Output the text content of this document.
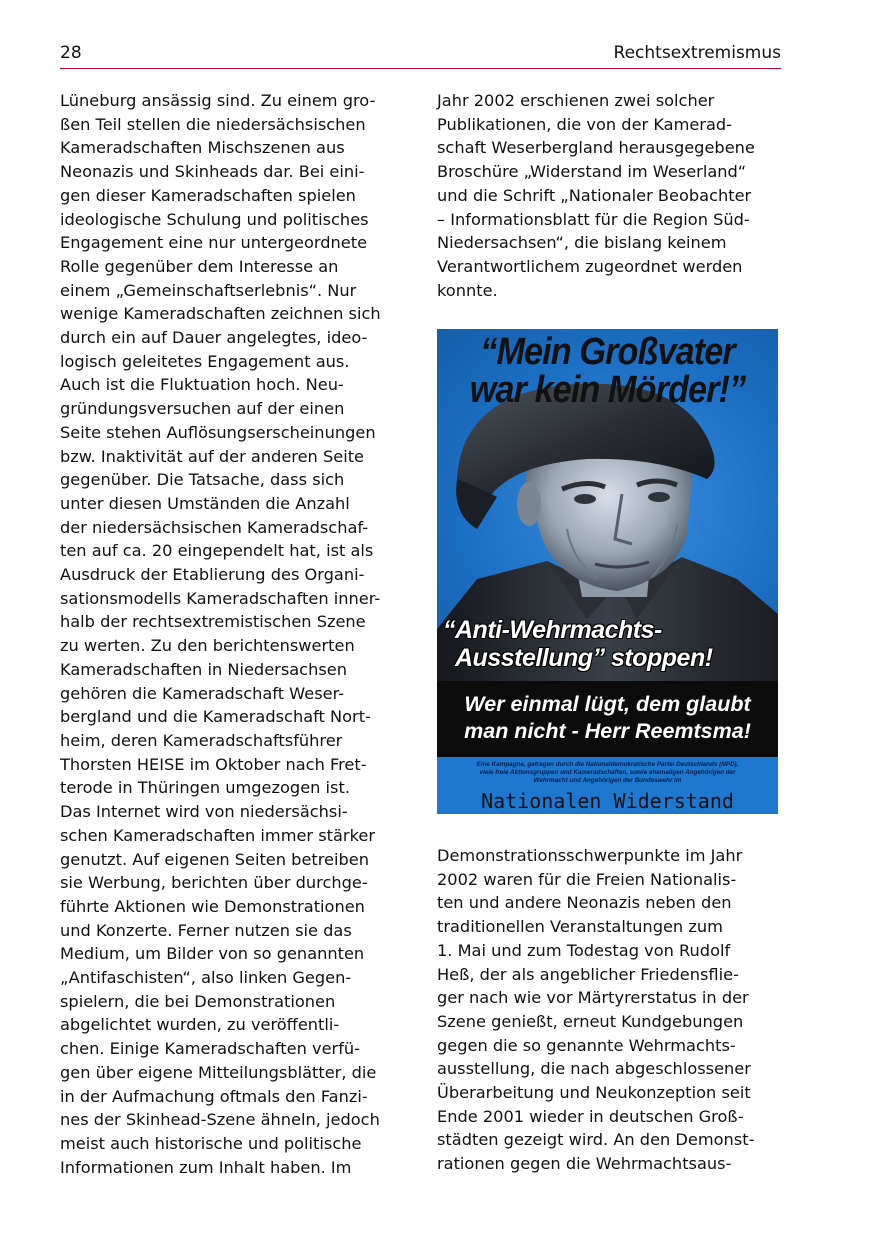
28	Rechtsextremismus
Lüneburg ansässig sind. Zu einem gro-
ßen Teil stellen die niedersächsischen
Kameradschaften Mischszenen aus
Neonazis und Skinheads dar. Bei eini-
gen dieser Kameradschaften spielen
ideologische Schulung und politisches
Engagement eine nur untergeordnete
Rolle gegenüber dem Interesse an
einem „Gemeinschaftserlebnis“. Nur
wenige Kameradschaften zeichnen sich
durch ein auf Dauer angelegtes, ideo-
logisch geleitetes Engagement aus.
Auch ist die Fluktuation hoch. Neu-
gründungsversuchen auf der einen
Seite stehen Auflösungserscheinungen
bzw. Inaktivität auf der anderen Seite
gegenüber. Die Tatsache, dass sich
unter diesen Umständen die Anzahl
der niedersächsischen Kameradschaf-
ten auf ca. 20 eingependelt hat, ist als
Ausdruck der Etablierung des Organi-
sationsmodells Kameradschaften inner-
halb der rechtsextremistischen Szene
zu werten. Zu den berichtenswerten
Kameradschaften in Niedersachsen
gehören die Kameradschaft Weser-
bergland und die Kameradschaft Nort-
heim, deren Kameradschaftsführer
Thorsten HEISE im Oktober nach Fret-
terode in Thüringen umgezogen ist.
Das Internet wird von niedersächsi-
schen Kameradschaften immer stärker
genutzt. Auf eigenen Seiten betreiben
sie Werbung, berichten über durchge-
führte Aktionen wie Demonstrationen
und Konzerte. Ferner nutzen sie das
Medium, um Bilder von so genannten
„Antifaschisten“, also linken Gegen-
spielern, die bei Demonstrationen
abgelichtet wurden, zu veröffentli-
chen. Einige Kameradschaften verfü-
gen über eigene Mitteilungsblätter, die
in der Aufmachung oftmals den Fanzi-
nes der Skinhead-Szene ähneln, jedoch
meist auch historische und politische
Informationen zum Inhalt haben. Im
Jahr 2002 erschienen zwei solcher
Publikationen, die von der Kamerad-
schaft Weserbergland herausgegebene
Broschüre „Widerstand im Weserland“
und die Schrift „Nationaler Beobachter
– Informationsblatt für die Region Süd-
Niedersachsen“, die bislang keinem
Verantwortlichem zugeordnet werden
konnte.
“Mein Großvater
war kein Mörder!”
“Anti-Wehrmachts-
Ausstellung” stoppen!
Wer einmal lügt, dem glaubt
man nicht - Herr Reemtsma!
Eine Kampagne, getragen durch die Nationaldemokratische Partei Deutschlands (NPD),
viele freie Aktionsgruppen und Kameradschaften, sowie ehemaligen Angehörigen der
Wehrmacht und Angehörigen der Bundeswehr im
Nationalen Widerstand
Demonstrationsschwerpunkte im Jahr
2002 waren für die Freien Nationalis-
ten und andere Neonazis neben den
traditionellen Veranstaltungen zum
1. Mai und zum Todestag von Rudolf
Heß, der als angeblicher Friedensflie-
ger nach wie vor Märtyrerstatus in der
Szene genießt, erneut Kundgebungen
gegen die so genannte Wehrmachts-
ausstellung, die nach abgeschlossener
Überarbeitung und Neukonzeption seit
Ende 2001 wieder in deutschen Groß-
städten gezeigt wird. An den Demonst-
rationen gegen die Wehrmachtsaus-
